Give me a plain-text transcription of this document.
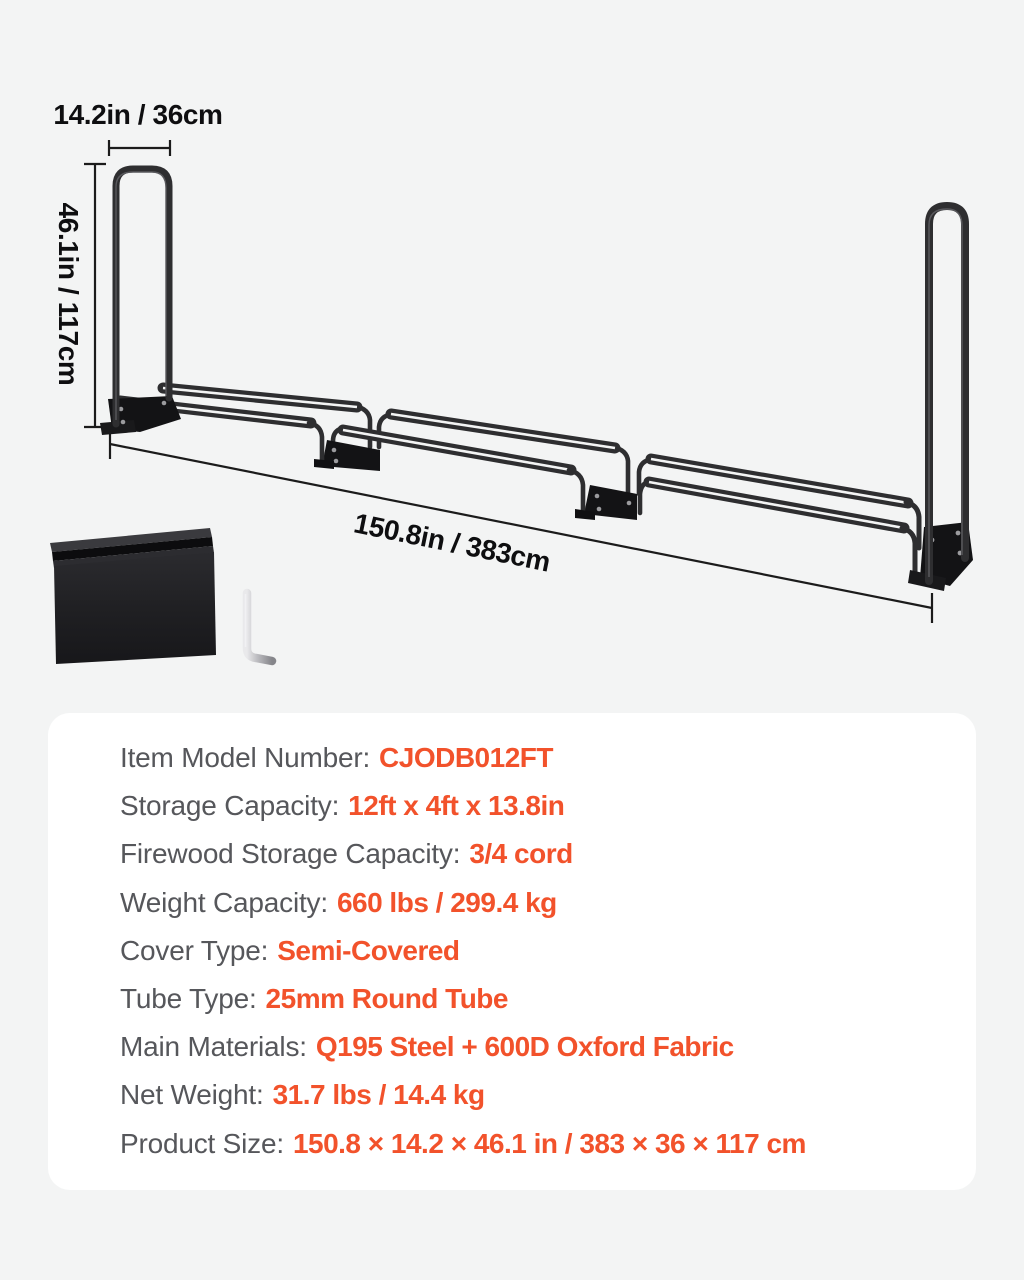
14.2in / 36cm
46.1in / 117cm
150.8in / 383cm
Item Model Number: CJODB012FT
Storage Capacity: 12ft x 4ft x 13.8in
Firewood Storage Capacity: 3/4 cord
Weight Capacity: 660 lbs / 299.4 kg
Cover Type: Semi-Covered
Tube Type: 25mm Round Tube
Main Materials: Q195 Steel + 600D Oxford Fabric
Net Weight: 31.7 lbs / 14.4 kg
Product Size: 150.8 × 14.2 × 46.1 in / 383 × 36 × 117 cm
